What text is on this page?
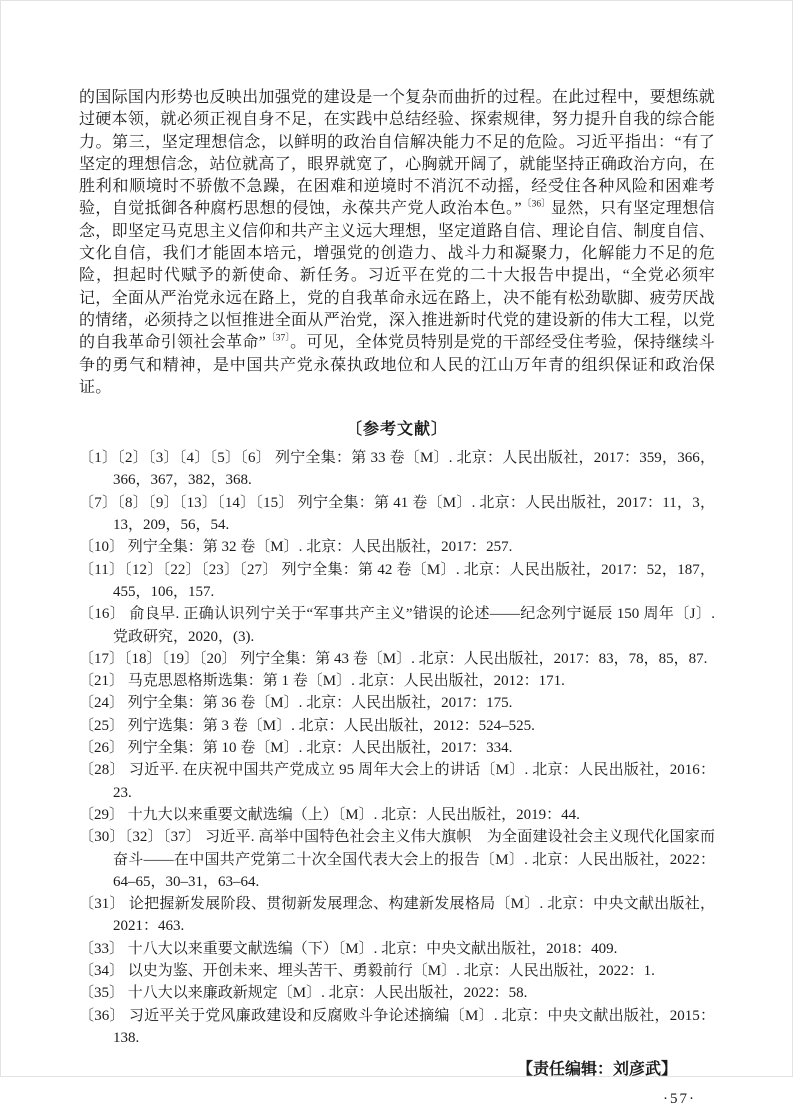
的国际国内形势也反映出加强党的建设是一个复杂而曲折的过程。在此过程中，要想练就过硬本领，就必须正视自身不足，在实践中总结经验、探索规律，努力提升自我的综合能力。第三，坚定理想信念，以鲜明的政治自信解决能力不足的危险。习近平指出：“有了坚定的理想信念，站位就高了，眼界就宽了，心胸就开阔了，就能坚持正确政治方向，在胜利和顺境时不骄傲不急躁，在困难和逆境时不消沉不动摇，经受住各种风险和困难考验，自觉抵御各种腐朽思想的侵蚀，永葆共产党人政治本色。”$^{〔36〕}$显然，只有坚定理想信念，即坚定马克思主义信仰和共产主义远大理想，坚定道路自信、理论自信、制度自信、文化自信，我们才能固本培元，增强党的创造力、战斗力和凝聚力，化解能力不足的危险，担起时代赋予的新使命、新任务。习近平在党的二十大报告中提出，“全党必须牢记，全面从严治党永远在路上，党的自我革命永远在路上，决不能有松劲歇脚、疲劳厌战的情绪，必须持之以恒推进全面从严治党，深入推进新时代党的建设新的伟大工程，以党的自我革命引领社会革命”$^{〔37〕}$。可见，全体党员特别是党的干部经受住考验，保持继续斗争的勇气和精神，是中国共产党永葆执政地位和人民的江山万年青的组织保证和政治保证。

〔参考文献〕

〔1〕〔2〕〔3〕〔4〕〔5〕〔6〕 列宁全集：第 33 卷〔M〕. 北京：人民出版社，2017：359，366，366，367，382，368.

〔7〕〔8〕〔9〕〔13〕〔14〕〔15〕 列宁全集：第 41 卷〔M〕. 北京：人民出版社，2017：11，3，13，209，56，54.

〔10〕 列宁全集：第 32 卷〔M〕. 北京：人民出版社，2017：257.

〔11〕〔12〕〔22〕〔23〕〔27〕 列宁全集：第 42 卷〔M〕. 北京：人民出版社，2017：52，187，455，106，157.

〔16〕 俞良早. 正确认识列宁关于“军事共产主义”错误的论述——纪念列宁诞辰 150 周年〔J〕. 党政研究，2020，(3).

〔17〕〔18〕〔19〕〔20〕 列宁全集：第 43 卷〔M〕. 北京：人民出版社，2017：83，78，85，87.

〔21〕 马克思恩格斯选集：第 1 卷〔M〕. 北京：人民出版社，2012：171.

〔24〕 列宁全集：第 36 卷〔M〕. 北京：人民出版社，2017：175.

〔25〕 列宁选集：第 3 卷〔M〕. 北京：人民出版社，2012：524–525.

〔26〕 列宁全集：第 10 卷〔M〕. 北京：人民出版社，2017：334.

〔28〕 习近平. 在庆祝中国共产党成立 95 周年大会上的讲话〔M〕. 北京：人民出版社，2016：23.

〔29〕 十九大以来重要文献选编（上）〔M〕. 北京：人民出版社，2019：44.

〔30〕〔32〕〔37〕 习近平. 高举中国特色社会主义伟大旗帜　为全面建设社会主义现代化国家而奋斗——在中国共产党第二十次全国代表大会上的报告〔M〕. 北京：人民出版社，2022：64–65，30–31，63–64.

〔31〕 论把握新发展阶段、贯彻新发展理念、构建新发展格局〔M〕. 北京：中央文献出版社，2021：463.

〔33〕 十八大以来重要文献选编（下）〔M〕. 北京：中央文献出版社，2018：409.

〔34〕 以史为鉴、开创未来、埋头苦干、勇毅前行〔M〕. 北京：人民出版社，2022：1.

〔35〕 十八大以来廉政新规定〔M〕. 北京：人民出版社，2022：58.

〔36〕 习近平关于党风廉政建设和反腐败斗争论述摘编〔M〕. 北京：中央文献出版社，2015：138.

【责任编辑：刘彦武】

·57·
